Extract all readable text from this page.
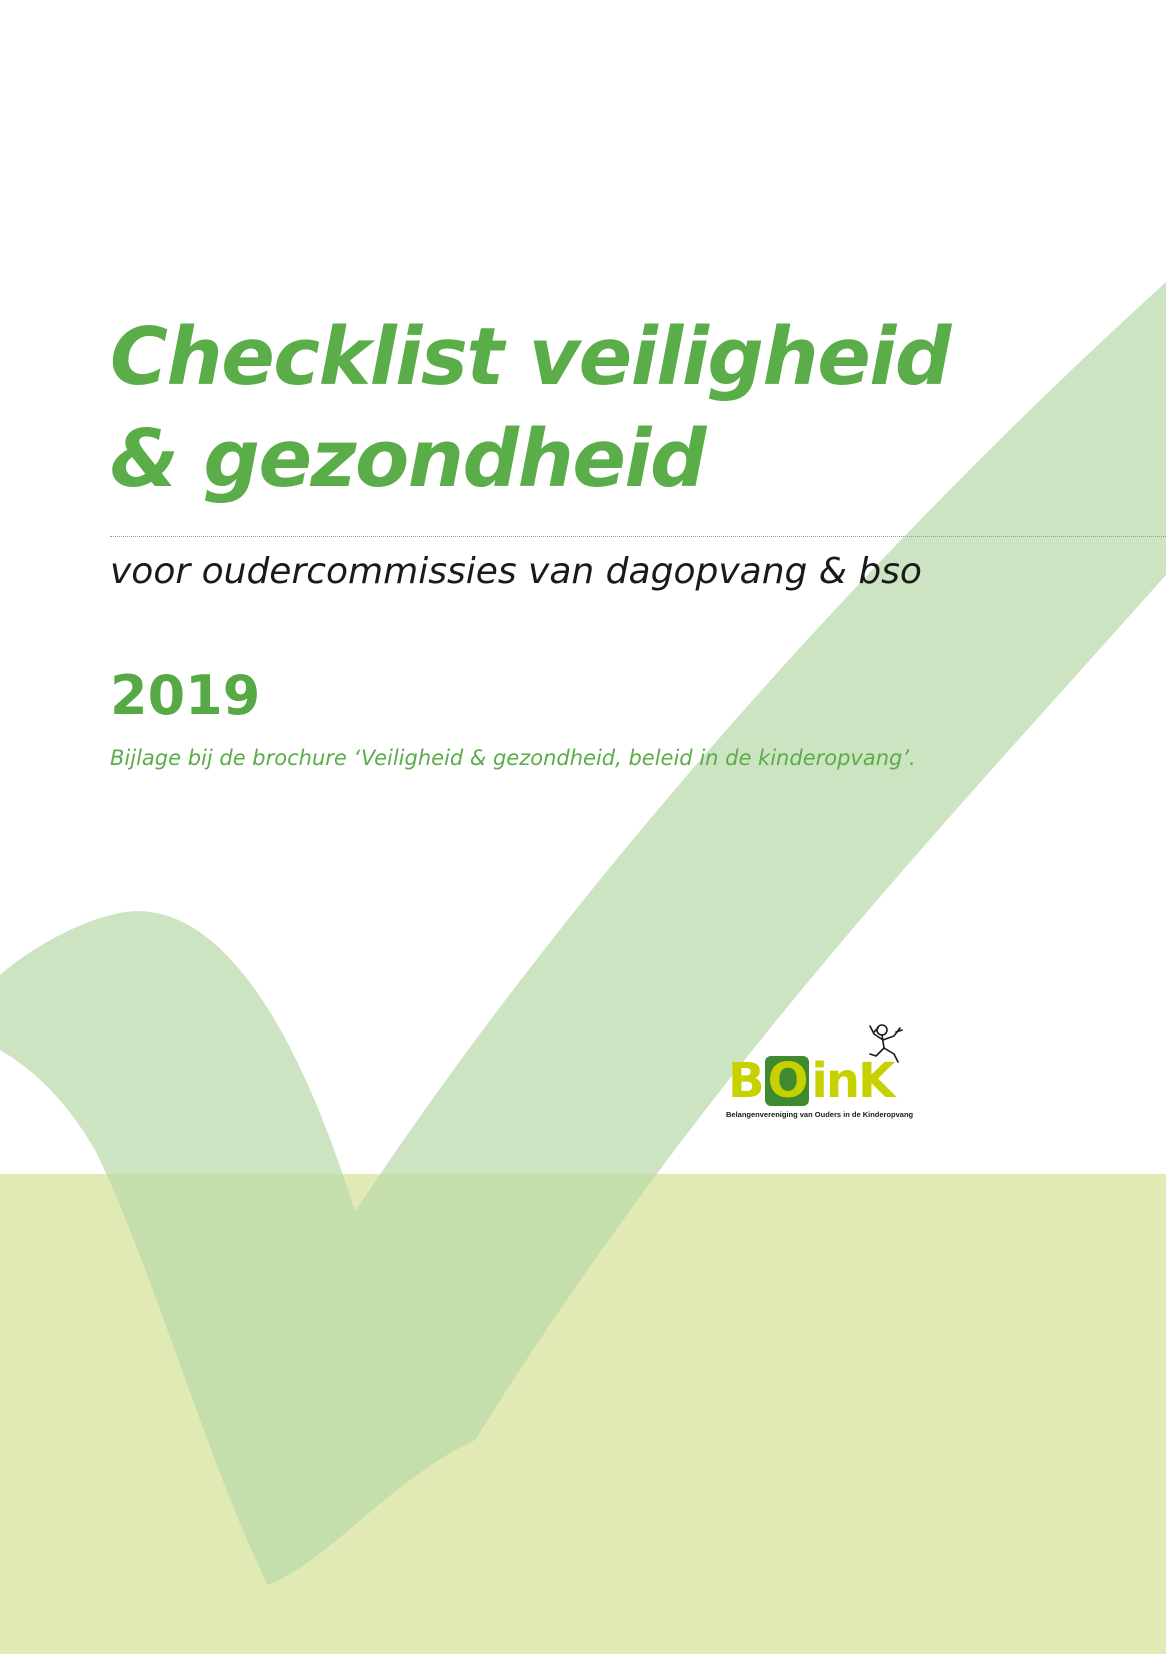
Checklist veiligheid
& gezondheid

voor oudercommissies van dagopvang & bso

2019

Bijlage bij de brochure ‘Veiligheid & gezondheid, beleid in de kinderopvang’.

B O inK
Belangenvereniging van Ouders in de Kinderopvang
